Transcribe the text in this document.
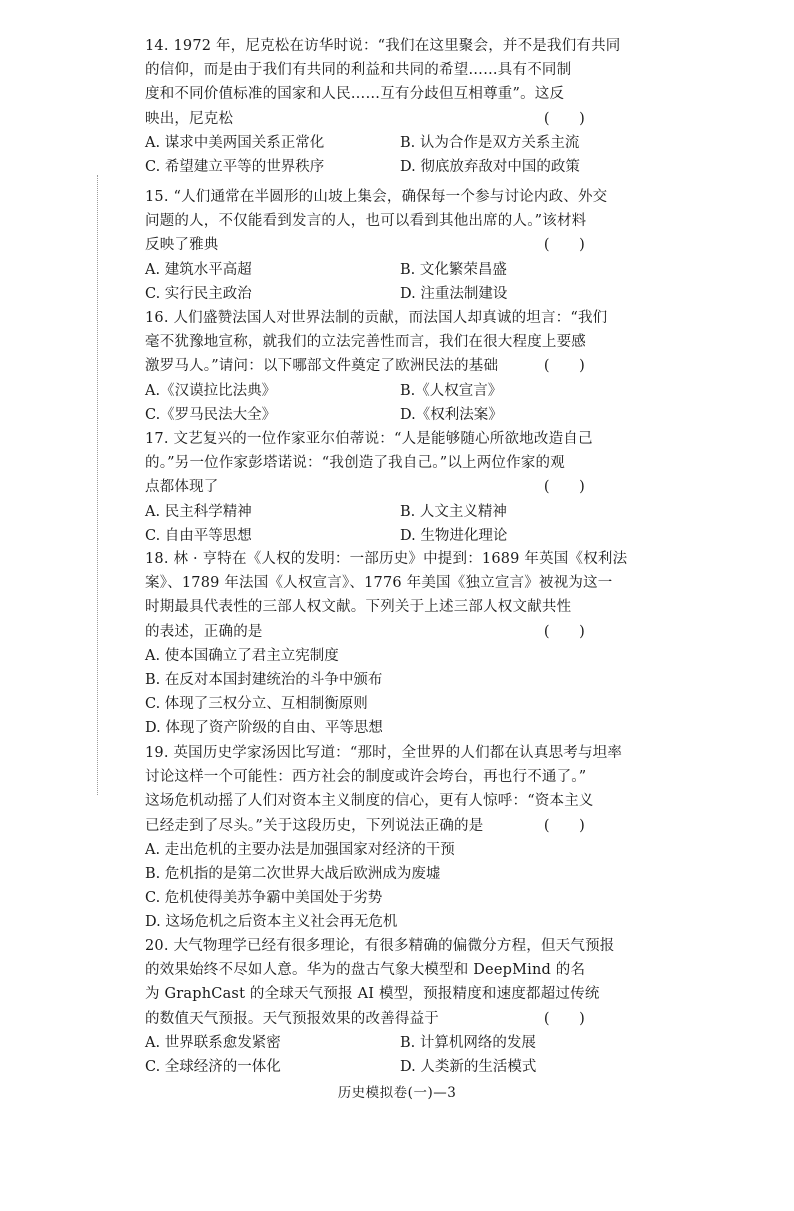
14. 1972 年，尼克松在访华时说：“我们在这里聚会，并不是我们有共同
的信仰，而是由于我们有共同的利益和共同的希望……具有不同制
度和不同价值标准的国家和人民……互有分歧但互相尊重”。这反
映出，尼克松	(　　)
A. 谋求中美两国关系正常化	B. 认为合作是双方关系主流
C. 希望建立平等的世界秩序	D. 彻底放弃敌对中国的政策
15. “人们通常在半圆形的山坡上集会，确保每一个参与讨论内政、外交
问题的人，不仅能看到发言的人，也可以看到其他出席的人。”该材料
反映了雅典	(　　)
A. 建筑水平高超	B. 文化繁荣昌盛
C. 实行民主政治	D. 注重法制建设
16. 人们盛赞法国人对世界法制的贡献，而法国人却真诚的坦言：“我们
毫不犹豫地宣称，就我们的立法完善性而言，我们在很大程度上要感
激罗马人。”请问：以下哪部文件奠定了欧洲民法的基础	(　　)
A.《汉谟拉比法典》	B.《人权宣言》
C.《罗马民法大全》	D.《权利法案》
17. 文艺复兴的一位作家亚尔伯蒂说：“人是能够随心所欲地改造自己
的。”另一位作家彭塔诺说：“我创造了我自己。”以上两位作家的观
点都体现了	(　　)
A. 民主科学精神	B. 人文主义精神
C. 自由平等思想	D. 生物进化理论
18. 林 · 亨特在《人权的发明：一部历史》中提到：1689 年英国《权利法
案》、1789 年法国《人权宣言》、1776 年美国《独立宣言》被视为这一
时期最具代表性的三部人权文献。下列关于上述三部人权文献共性
的表述，正确的是	(　　)
A. 使本国确立了君主立宪制度
B. 在反对本国封建统治的斗争中颁布
C. 体现了三权分立、互相制衡原则
D. 体现了资产阶级的自由、平等思想
19. 英国历史学家汤因比写道：“那时，全世界的人们都在认真思考与坦率
讨论这样一个可能性：西方社会的制度或许会垮台，再也行不通了。”
这场危机动摇了人们对资本主义制度的信心，更有人惊呼：“资本主义
已经走到了尽头。”关于这段历史，下列说法正确的是	(　　)
A. 走出危机的主要办法是加强国家对经济的干预
B. 危机指的是第二次世界大战后欧洲成为废墟
C. 危机使得美苏争霸中美国处于劣势
D. 这场危机之后资本主义社会再无危机
20. 大气物理学已经有很多理论，有很多精确的偏微分方程，但天气预报
的效果始终不尽如人意。华为的盘古气象大模型和 DeepMind 的名
为 GraphCast 的全球天气预报 AI 模型，预报精度和速度都超过传统
的数值天气预报。天气预报效果的改善得益于	(　　)
A. 世界联系愈发紧密	B. 计算机网络的发展
C. 全球经济的一体化	D. 人类新的生活模式
历史模拟卷(一)—3
